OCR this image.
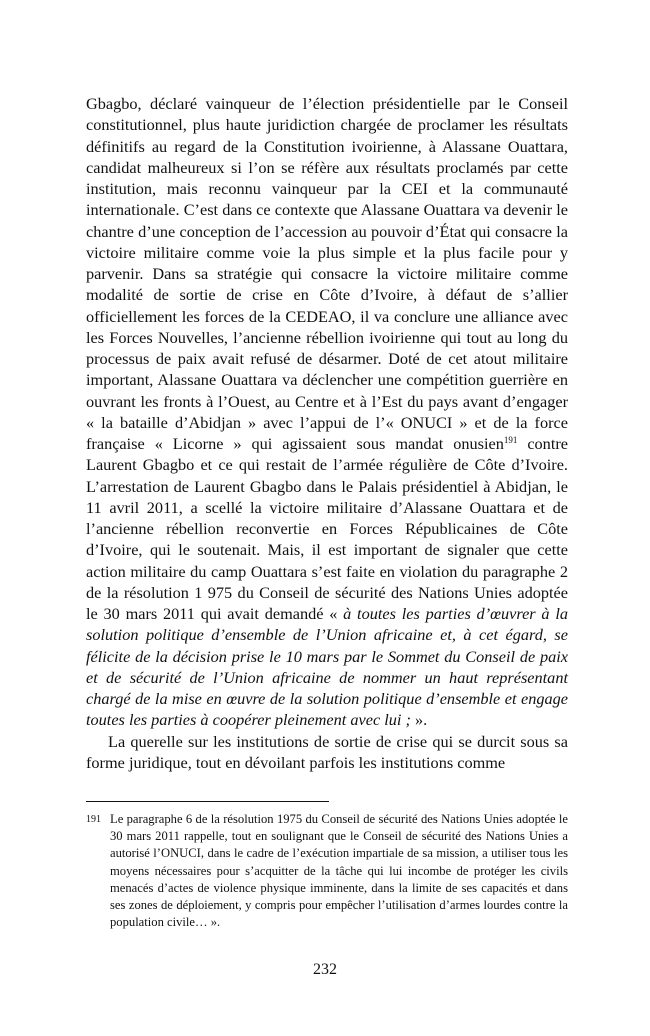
Gbagbo, déclaré vainqueur de l’élection présidentielle par le Conseil constitutionnel, plus haute juridiction chargée de proclamer les résultats définitifs au regard de la Constitution ivoirienne, à Alassane Ouattara, candidat malheureux si l’on se réfère aux résultats proclamés par cette institution, mais reconnu vainqueur par la CEI et la communauté internationale. C’est dans ce contexte que Alassane Ouattara va devenir le chantre d’une conception de l’accession au pouvoir d’État qui consacre la victoire militaire comme voie la plus simple et la plus facile pour y parvenir. Dans sa stratégie qui consacre la victoire militaire comme modalité de sortie de crise en Côte d’Ivoire, à défaut de s’allier officiellement les forces de la CEDEAO, il va conclure une alliance avec les Forces Nouvelles, l’ancienne rébellion ivoirienne qui tout au long du processus de paix avait refusé de désarmer. Doté de cet atout militaire important, Alassane Ouattara va déclencher une compétition guerrière en ouvrant les fronts à l’Ouest, au Centre et à l’Est du pays avant d’engager « la bataille d’Abidjan » avec l’appui de l’« ONUCI » et de la force française « Licorne » qui agissaient sous mandat onusien$^{191}$ contre Laurent Gbagbo et ce qui restait de l’armée régulière de Côte d’Ivoire. L’arrestation de Laurent Gbagbo dans le Palais présidentiel à Abidjan, le 11 avril 2011, a scellé la victoire militaire d’Alassane Ouattara et de l’ancienne rébellion reconvertie en Forces Républicaines de Côte d’Ivoire, qui le soutenait. Mais, il est important de signaler que cette action militaire du camp Ouattara s’est faite en violation du paragraphe 2 de la résolution 1 975 du Conseil de sécurité des Nations Unies adoptée le 30 mars 2011 qui avait demandé « à toutes les parties d’œuvrer à la solution politique d’ensemble de l’Union africaine et, à cet égard, se félicite de la décision prise le 10 mars par le Sommet du Conseil de paix et de sécurité de l’Union africaine de nommer un haut représentant chargé de la mise en œuvre de la solution politique d’ensemble et engage toutes les parties à coopérer pleinement avec lui ; ».

La querelle sur les institutions de sortie de crise qui se durcit sous sa forme juridique, tout en dévoilant parfois les institutions comme

191 Le paragraphe 6 de la résolution 1975 du Conseil de sécurité des Nations Unies adoptée le 30 mars 2011 rappelle, tout en soulignant que le Conseil de sécurité des Nations Unies a autorisé l’ONUCI, dans le cadre de l’exécution impartiale de sa mission, a utiliser tous les moyens nécessaires pour s’acquitter de la tâche qui lui incombe de protéger les civils menacés d’actes de violence physique imminente, dans la limite de ses capacités et dans ses zones de déploiement, y compris pour empêcher l’utilisation d’armes lourdes contre la population civile… ».
232
